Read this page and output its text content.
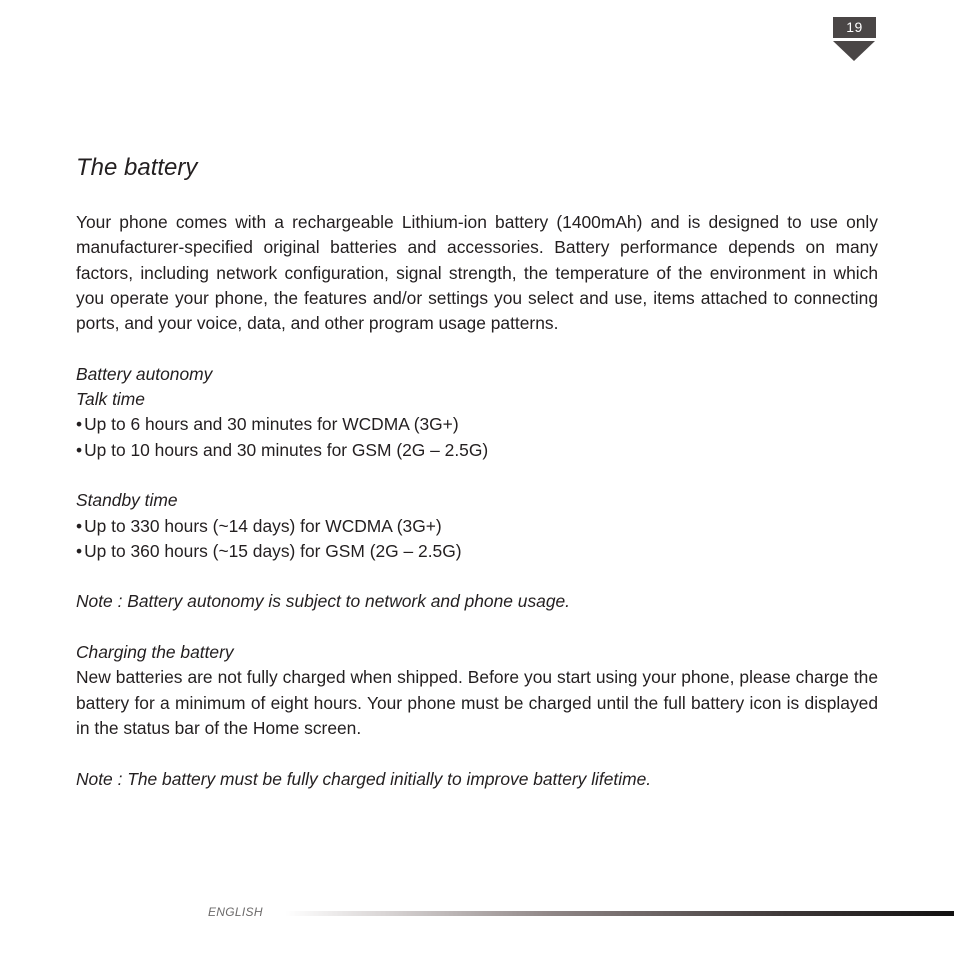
19
The battery

Your phone comes with a rechargeable Lithium-ion battery (1400mAh) and is designed to use only manufacturer-specified original batteries and accessories. Battery performance depends on many factors, including network configuration, signal strength, the temperature of the environment in which you operate your phone, the features and/or settings you select and use, items attached to connecting ports, and your voice, data, and other program usage patterns.

Battery autonomy

Talk time

• Up to 6 hours and 30 minutes for WCDMA (3G+)

• Up to 10 hours and 30 minutes for GSM (2G – 2.5G)

Standby time

• Up to 330 hours (~14 days) for WCDMA (3G+)

• Up to 360 hours (~15 days) for GSM (2G – 2.5G)

Note : Battery autonomy is subject to network and phone usage.

Charging the battery

New batteries are not fully charged when shipped. Before you start using your phone, please charge the battery for a minimum of eight hours. Your phone must be charged until the full battery icon is displayed in the status bar of the Home screen.

Note : The battery must be fully charged initially to improve battery lifetime.

ENGLISH
